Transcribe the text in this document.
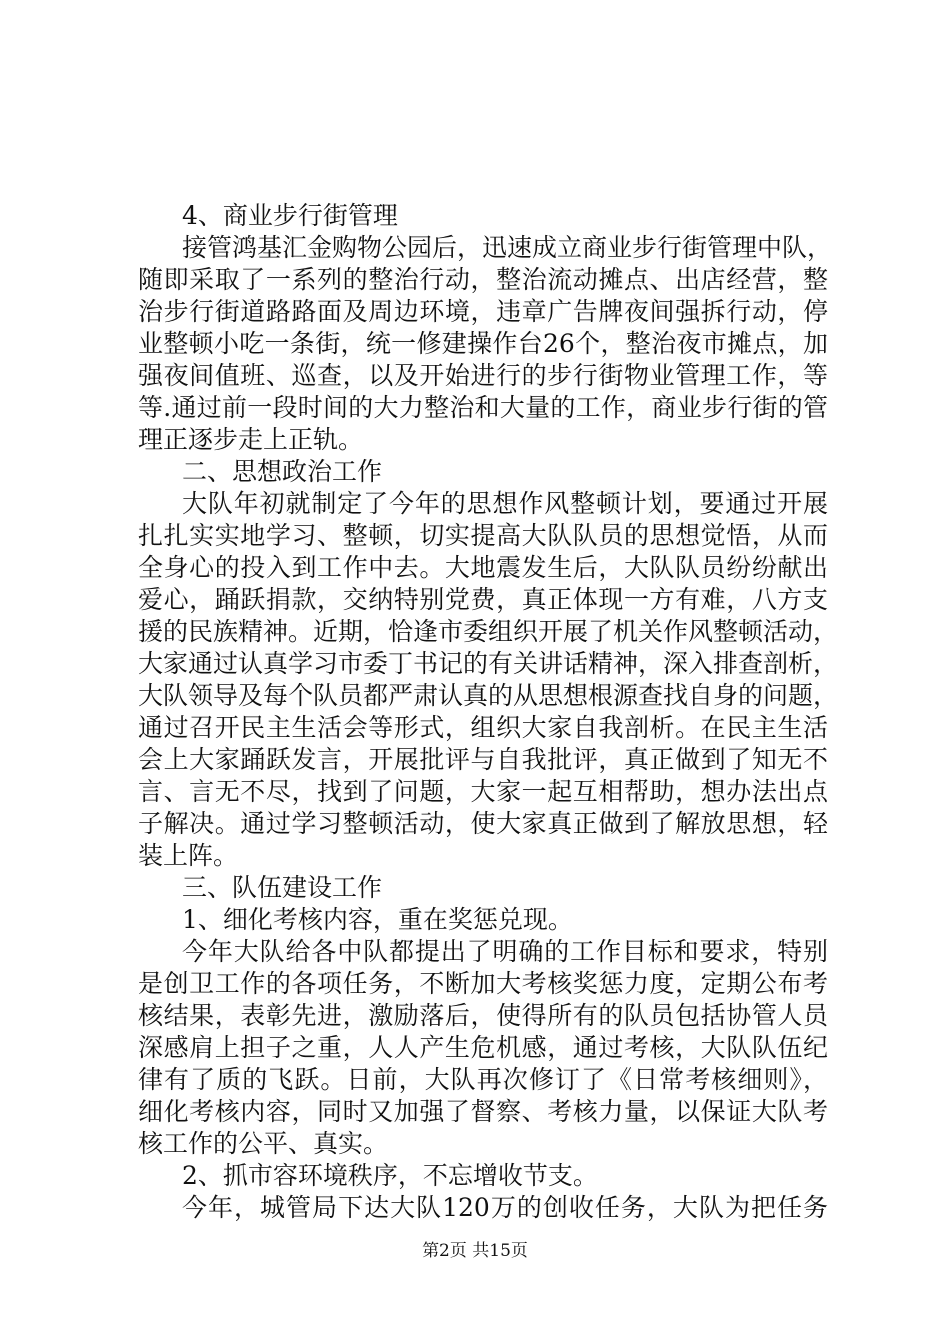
4、商业步行街管理
接管鸿基汇金购物公园后，迅速成立商业步行街管理中队，
随即采取了一系列的整治行动，整治流动摊点、出店经营，整
治步行街道路路面及周边环境，违章广告牌夜间强拆行动，停
业整顿小吃一条街，统一修建操作台26个，整治夜市摊点，加
强夜间值班、巡查，以及开始进行的步行街物业管理工作，等
等.通过前一段时间的大力整治和大量的工作，商业步行街的管
理正逐步走上正轨。
二、思想政治工作
大队年初就制定了今年的思想作风整顿计划，要通过开展
扎扎实实地学习、整顿，切实提高大队队员的思想觉悟，从而
全身心的投入到工作中去。大地震发生后，大队队员纷纷献出
爱心，踊跃捐款，交纳特别党费，真正体现一方有难，八方支
援的民族精神。近期，恰逢市委组织开展了机关作风整顿活动，
大家通过认真学习市委丁书记的有关讲话精神，深入排查剖析，
大队领导及每个队员都严肃认真的从思想根源查找自身的问题，
通过召开民主生活会等形式，组织大家自我剖析。在民主生活
会上大家踊跃发言，开展批评与自我批评，真正做到了知无不
言、言无不尽，找到了问题，大家一起互相帮助，想办法出点
子解决。通过学习整顿活动，使大家真正做到了解放思想，轻
装上阵。
三、队伍建设工作
1、细化考核内容，重在奖惩兑现。
今年大队给各中队都提出了明确的工作目标和要求，特别
是创卫工作的各项任务，不断加大考核奖惩力度，定期公布考
核结果，表彰先进，激励落后，使得所有的队员包括协管人员
深感肩上担子之重，人人产生危机感，通过考核，大队队伍纪
律有了质的飞跃。日前，大队再次修订了《日常考核细则》，
细化考核内容，同时又加强了督察、考核力量，以保证大队考
核工作的公平、真实。
2、抓市容环境秩序，不忘增收节支。
今年，城管局下达大队120万的创收任务，大队为把任务
第2页 共15页
